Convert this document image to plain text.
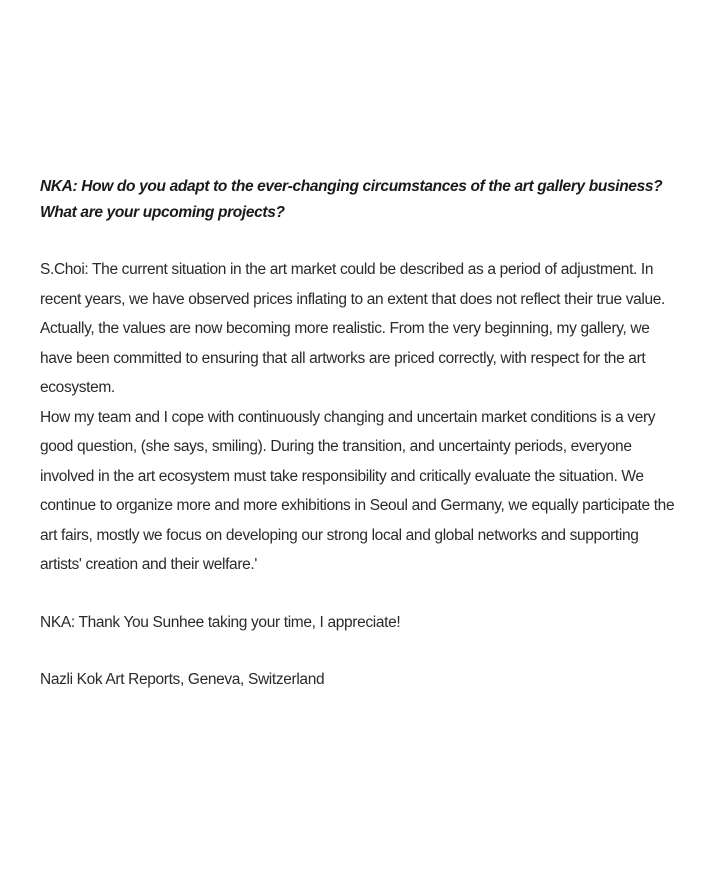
NKA: How do you adapt to the ever-changing circumstances of the art gallery business? What are your upcoming projects?

S.Choi: The current situation in the art market could be described as a period of adjustment. In recent years, we have observed prices inflating to an extent that does not reflect their true value. Actually, the values are now becoming more realistic. From the very beginning, my gallery, we have been committed to ensuring that all artworks are priced correctly, with respect for the art ecosystem.

How my team and I cope with continuously changing and uncertain market conditions is a very good question, (she says, smiling). During the transition, and uncertainty periods, everyone involved in the art ecosystem must take responsibility and critically evaluate the situation. We continue to organize more and more exhibitions in Seoul and Germany, we equally participate the art fairs, mostly we focus on developing our strong local and global networks and supporting artists' creation and their welfare.'

NKA: Thank You Sunhee taking your time, I appreciate!

Nazli Kok Art Reports, Geneva, Switzerland
